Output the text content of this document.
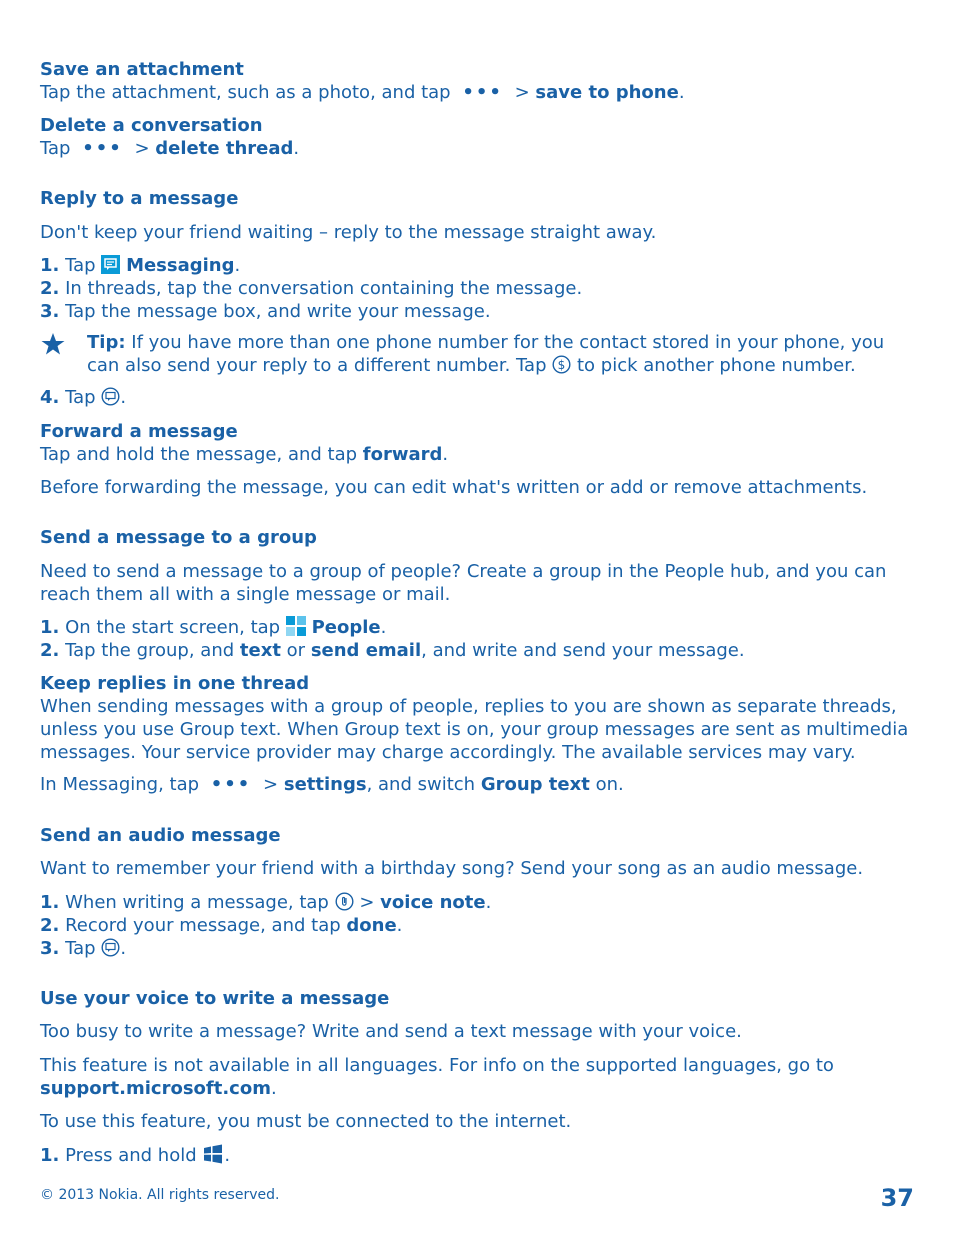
Save an attachment
Tap the attachment, such as a photo, and tap ••• > save to phone.
Delete a conversation
Tap ••• > delete thread.
Reply to a message
Don't keep your friend waiting – reply to the message straight away.
1. Tap Messaging.
2. In threads, tap the conversation containing the message.
3. Tap the message box, and write your message.
Tip: If you have more than one phone number for the contact stored in your phone, you can also send your reply to a different number. Tap $ to pick another phone number.
4. Tap .
Forward a message
Tap and hold the message, and tap forward.
Before forwarding the message, you can edit what's written or add or remove attachments.
Send a message to a group
Need to send a message to a group of people? Create a group in the People hub, and you can reach them all with a single message or mail.
1. On the start screen, tap People.
2. Tap the group, and text or send email, and write and send your message.
Keep replies in one thread
When sending messages with a group of people, replies to you are shown as separate threads, unless you use Group text. When Group text is on, your group messages are sent as multimedia messages. Your service provider may charge accordingly. The available services may vary.
In Messaging, tap ••• > settings, and switch Group text on.
Send an audio message
Want to remember your friend with a birthday song? Send your song as an audio message.
1. When writing a message, tap > voice note.
2. Record your message, and tap done.
3. Tap .
Use your voice to write a message
Too busy to write a message? Write and send a text message with your voice.
This feature is not available in all languages. For info on the supported languages, go to
support.microsoft.com.
To use this feature, you must be connected to the internet.
1. Press and hold .
© 2013 Nokia. All rights reserved.	37
